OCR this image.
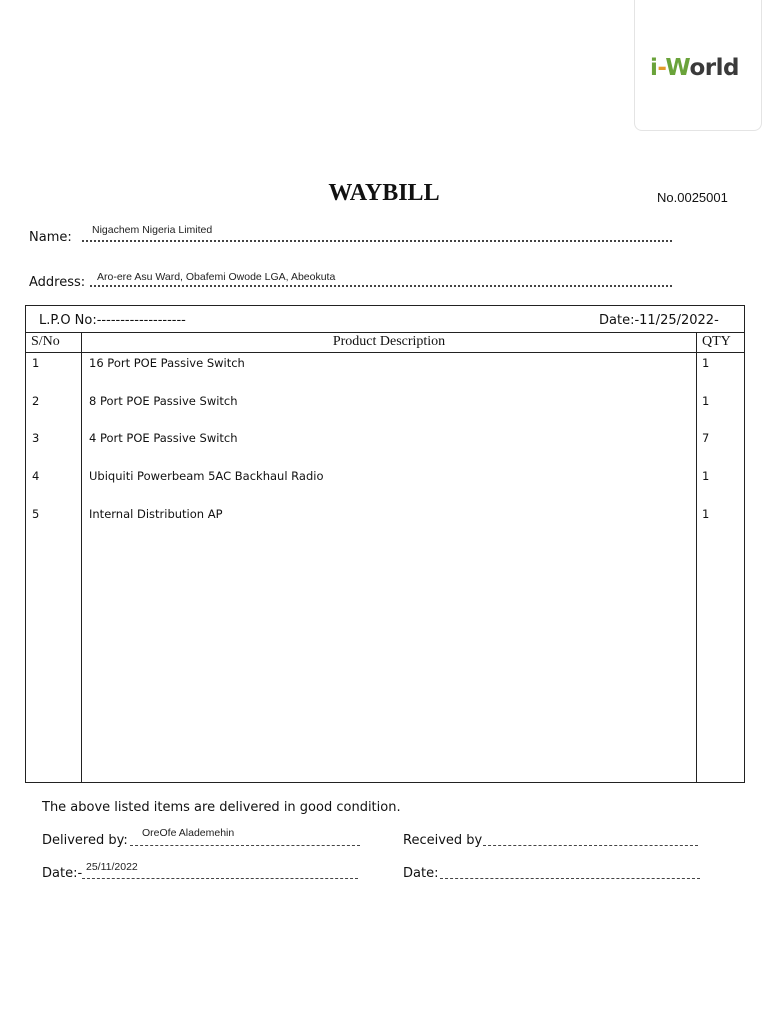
i-World
WAYBILL	No.0025001
Name: Nigachem Nigeria Limited
Address: Aro-ere Asu Ward, Obafemi Owode LGA, Abeokuta
L.P.O No:-------------------	Date:-11/25/2022-
S/No	Product Description	QTY
1	16 Port POE Passive Switch	1
2	8 Port POE Passive Switch	1
3	4 Port POE Passive Switch	7
4	Ubiquiti Powerbeam 5AC Backhaul Radio	1
5	Internal Distribution AP	1
The above listed items are delivered in good condition.
Delivered by: OreOfe Alademehin	Received by
Date:- 25/11/2022	Date:
